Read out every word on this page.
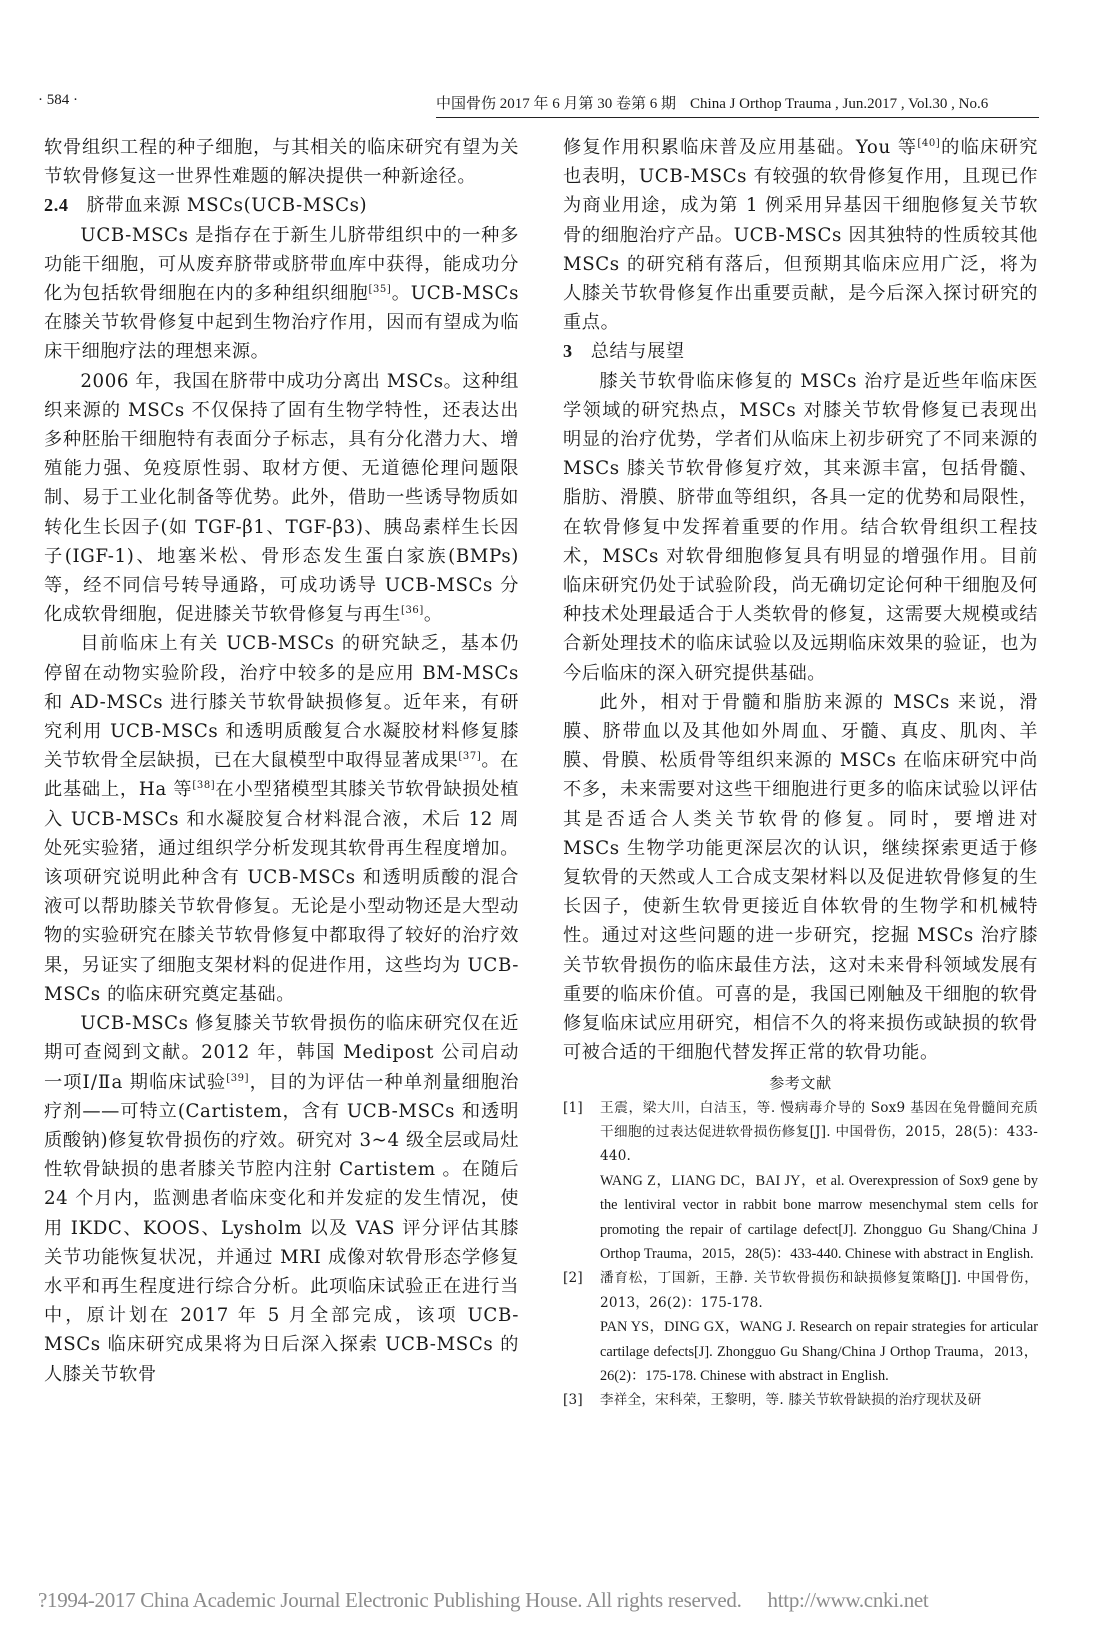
· 584 ·	中国骨伤 2017 年 6 月第 30 卷第 6 期 China J Orthop Trauma , Jun.2017 , Vol.30 , No.6

软骨组织工程的种子细胞，与其相关的临床研究有望为关节软骨修复这一世界性难题的解决提供一种新途径。

2.4 脐带血来源 MSCs(UCB-MSCs)

UCB-MSCs 是指存在于新生儿脐带组织中的一种多功能干细胞，可从废弃脐带或脐带血库中获得，能成功分化为包括软骨细胞在内的多种组织细胞[35]。UCB-MSCs 在膝关节软骨修复中起到生物治疗作用，因而有望成为临床干细胞疗法的理想来源。

2006 年，我国在脐带中成功分离出 MSCs。这种组织来源的 MSCs 不仅保持了固有生物学特性，还表达出多种胚胎干细胞特有表面分子标志，具有分化潜力大、增殖能力强、免疫原性弱、取材方便、无道德伦理问题限制、易于工业化制备等优势。此外，借助一些诱导物质如转化生长因子(如 TGF-β1、TGF-β3)、胰岛素样生长因子(IGF-1)、地塞米松、骨形态发生蛋白家族(BMPs)等，经不同信号转导通路，可成功诱导 UCB-MSCs 分化成软骨细胞，促进膝关节软骨修复与再生[36]。

目前临床上有关 UCB-MSCs 的研究缺乏，基本仍停留在动物实验阶段，治疗中较多的是应用 BM-MSCs 和 AD-MSCs 进行膝关节软骨缺损修复。近年来，有研究利用 UCB-MSCs 和透明质酸复合水凝胶材料修复膝关节软骨全层缺损，已在大鼠模型中取得显著成果[37]。在此基础上，Ha 等[38]在小型猪模型其膝关节软骨缺损处植入 UCB-MSCs 和水凝胶复合材料混合液，术后 12 周处死实验猪，通过组织学分析发现其软骨再生程度增加。该项研究说明此种含有 UCB-MSCs 和透明质酸的混合液可以帮助膝关节软骨修复。无论是小型动物还是大型动物的实验研究在膝关节软骨修复中都取得了较好的治疗效果，另证实了细胞支架材料的促进作用，这些均为 UCB-MSCs 的临床研究奠定基础。

UCB-MSCs 修复膝关节软骨损伤的临床研究仅在近期可查阅到文献。2012 年，韩国 Medipost 公司启动一项Ⅰ/Ⅱa 期临床试验[39]，目的为评估一种单剂量细胞治疗剂——可特立(Cartistem，含有 UCB-MSCs 和透明质酸钠)修复软骨损伤的疗效。研究对 3~4 级全层或局灶性软骨缺损的患者膝关节腔内注射 Cartistem 。在随后 24 个月内，监测患者临床变化和并发症的发生情况，使用 IKDC、KOOS、Lysholm 以及 VAS 评分评估其膝关节功能恢复状况，并通过 MRI 成像对软骨形态学修复水平和再生程度进行综合分析。此项临床试验正在进行当中，原计划在 2017 年 5 月全部完成，该项 UCB-MSCs 临床研究成果将为日后深入探索 UCB-MSCs 的人膝关节软骨

修复作用积累临床普及应用基础。You 等[40]的临床研究也表明，UCB-MSCs 有较强的软骨修复作用，且现已作为商业用途，成为第 1 例采用异基因干细胞修复关节软骨的细胞治疗产品。UCB-MSCs 因其独特的性质较其他 MSCs 的研究稍有落后，但预期其临床应用广泛，将为人膝关节软骨修复作出重要贡献，是今后深入探讨研究的重点。

3 总结与展望

膝关节软骨临床修复的 MSCs 治疗是近些年临床医学领域的研究热点，MSCs 对膝关节软骨修复已表现出明显的治疗优势，学者们从临床上初步研究了不同来源的 MSCs 膝关节软骨修复疗效，其来源丰富，包括骨髓、脂肪、滑膜、脐带血等组织，各具一定的优势和局限性，在软骨修复中发挥着重要的作用。结合软骨组织工程技术，MSCs 对软骨细胞修复具有明显的增强作用。目前临床研究仍处于试验阶段，尚无确切定论何种干细胞及何种技术处理最适合于人类软骨的修复，这需要大规模或结合新处理技术的临床试验以及远期临床效果的验证，也为今后临床的深入研究提供基础。

此外，相对于骨髓和脂肪来源的 MSCs 来说，滑膜、脐带血以及其他如外周血、牙髓、真皮、肌肉、羊膜、骨膜、松质骨等组织来源的 MSCs 在临床研究中尚不多，未来需要对这些干细胞进行更多的临床试验以评估其是否适合人类关节软骨的修复。同时，要增进对 MSCs 生物学功能更深层次的认识，继续探索更适于修复软骨的天然或人工合成支架材料以及促进软骨修复的生长因子，使新生软骨更接近自体软骨的生物学和机械特性。通过对这些问题的进一步研究，挖掘 MSCs 治疗膝关节软骨损伤的临床最佳方法，这对未来骨科领域发展有重要的临床价值。可喜的是，我国已刚触及干细胞的软骨修复临床试应用研究，相信不久的将来损伤或缺损的软骨可被合适的干细胞代替发挥正常的软骨功能。

参考文献
[1] 王震，梁大川，白洁玉，等. 慢病毒介导的 Sox9 基因在兔骨髓间充质干细胞的过表达促进软骨损伤修复[J]. 中国骨伤，2015，28(5)：433-440.
WANG Z，LIANG DC，BAI JY，et al. Overexpression of Sox9 gene by the lentiviral vector in rabbit bone marrow mesenchymal stem cells for promoting the repair of cartilage defect[J]. Zhongguo Gu Shang/China J Orthop Trauma，2015，28(5)：433-440. Chinese with abstract in English.
[2] 潘育松，丁国新，王静. 关节软骨损伤和缺损修复策略[J]. 中国骨伤，2013，26(2)：175-178.
PAN YS，DING GX，WANG J. Research on repair strategies for articular cartilage defects[J]. Zhongguo Gu Shang/China J Orthop Trauma，2013，26(2)：175-178. Chinese with abstract in English.
[3] 李祥全，宋科荣，王黎明，等. 膝关节软骨缺损的治疗现状及研
?1994-2017 China Academic Journal Electronic Publishing House. All rights reserved. http://www.cnki.net
